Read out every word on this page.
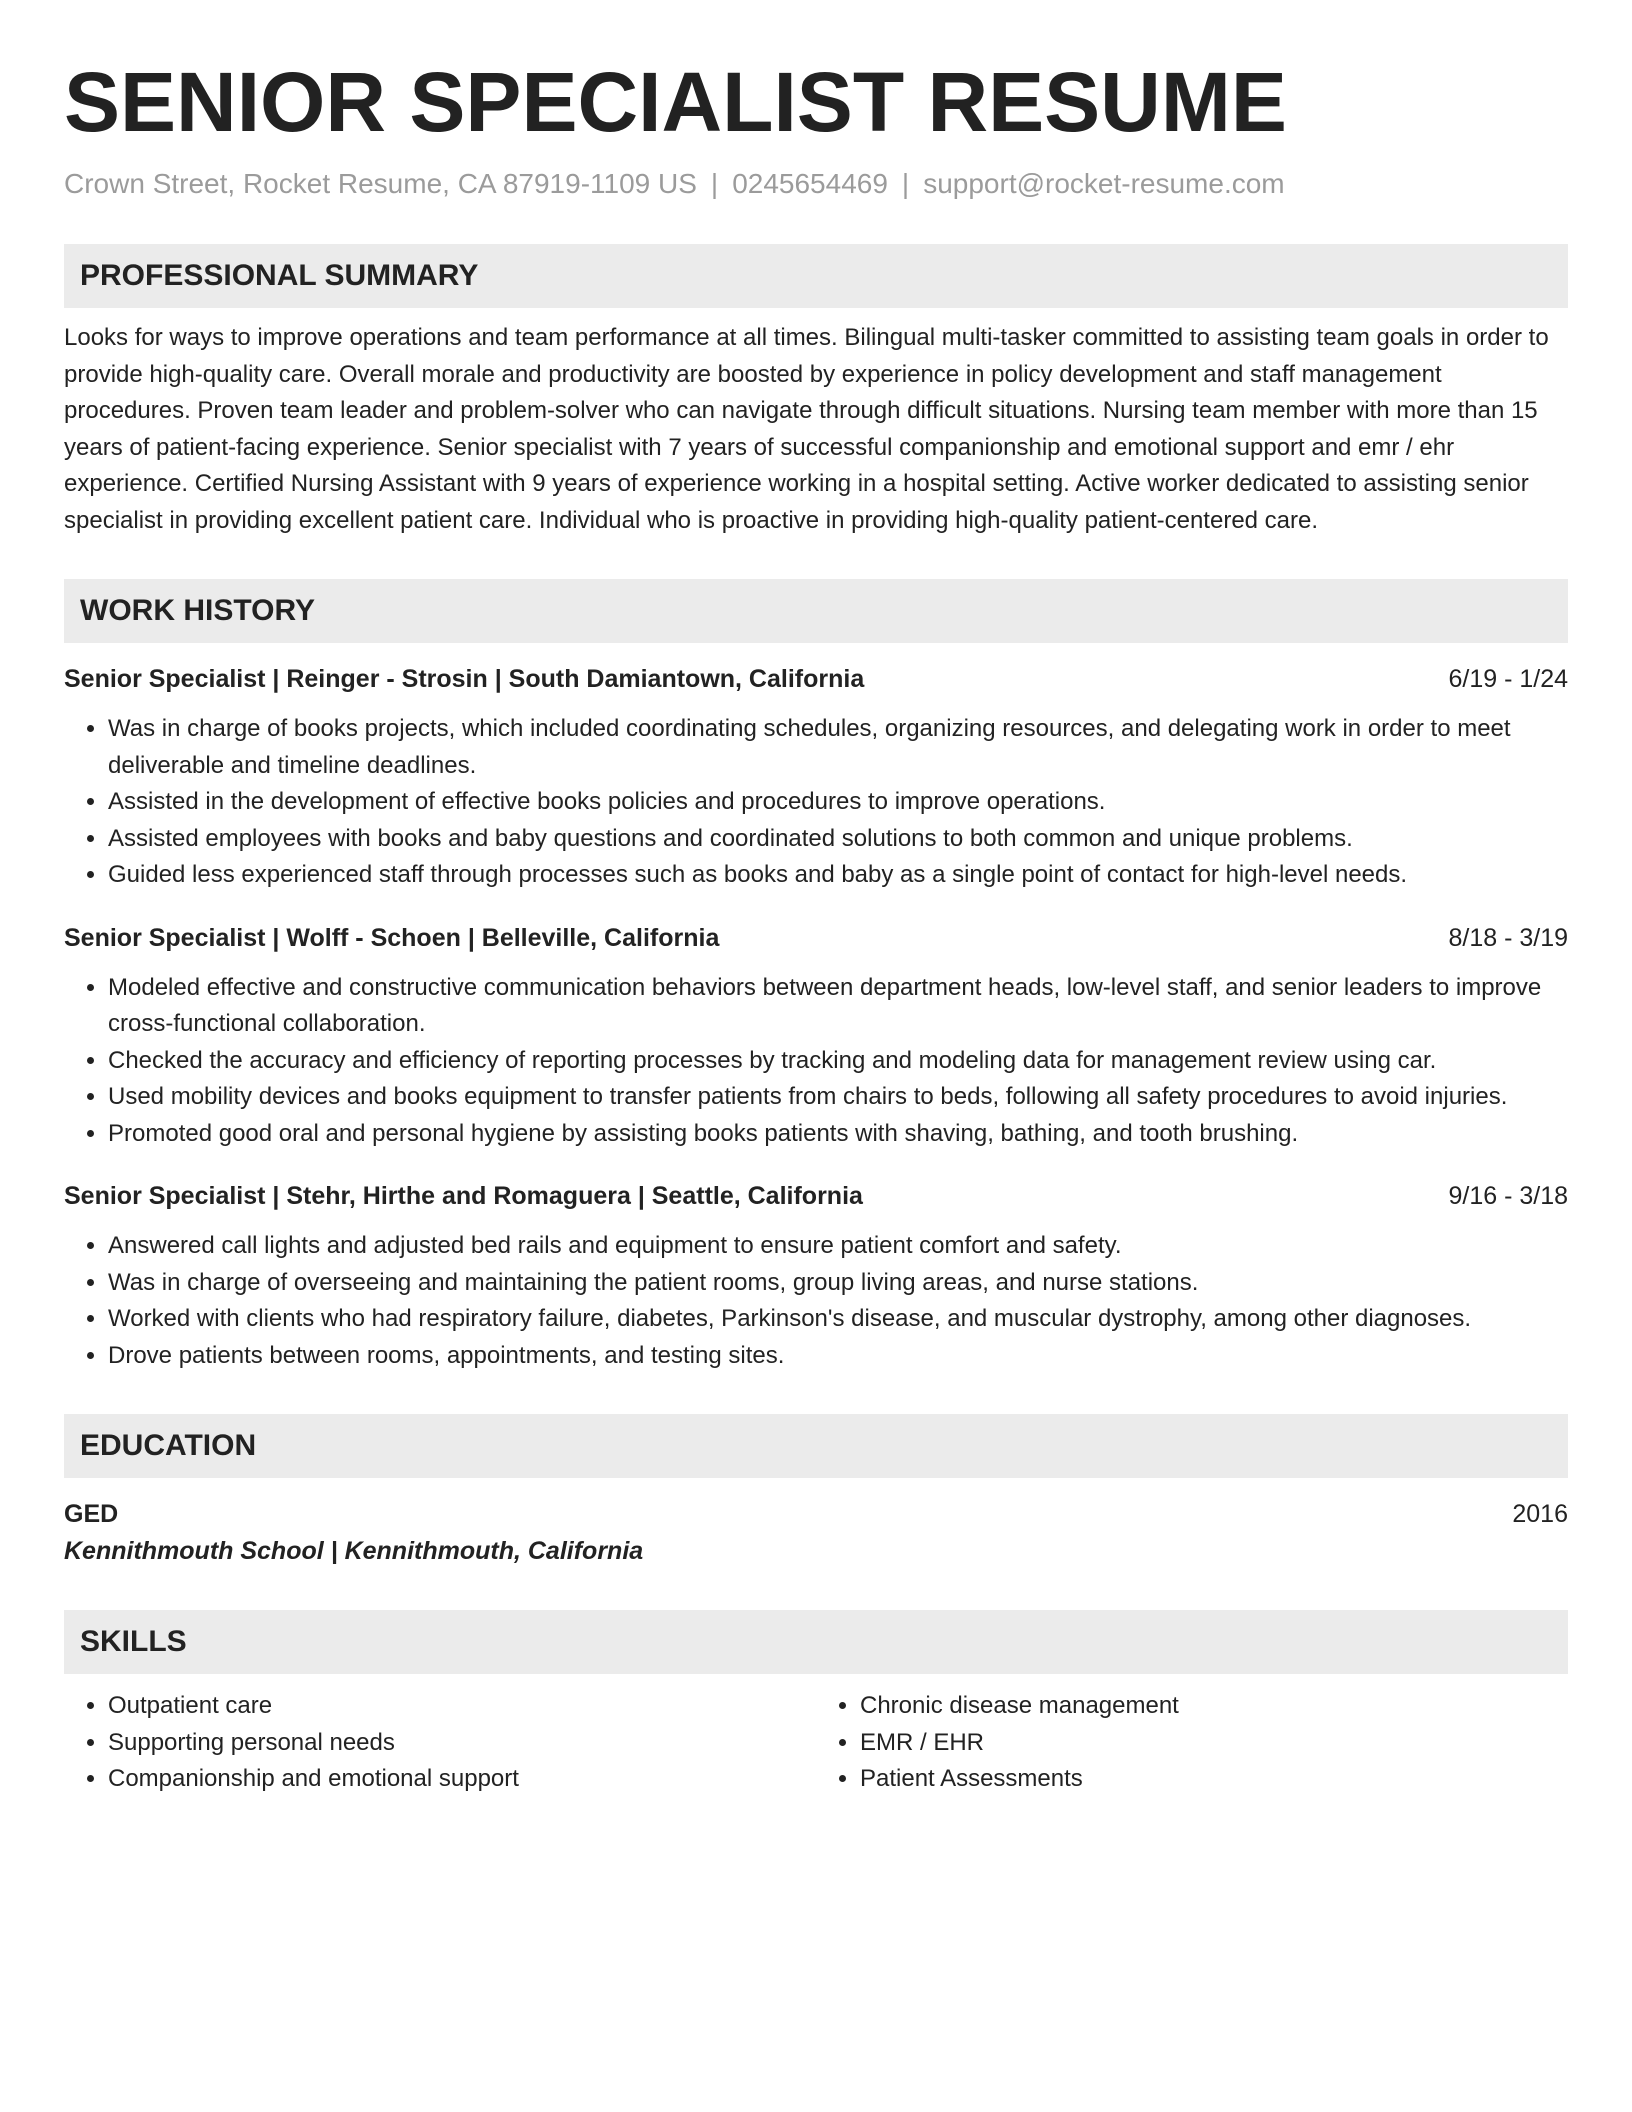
SENIOR SPECIALIST RESUME
Crown Street, Rocket Resume, CA 87919-1109 US | 0245654469 | support@rocket-resume.com
PROFESSIONAL SUMMARY
Looks for ways to improve operations and team performance at all times. Bilingual multi-tasker committed to assisting team goals in order to provide high-quality care. Overall morale and productivity are boosted by experience in policy development and staff management procedures. Proven team leader and problem-solver who can navigate through difficult situations. Nursing team member with more than 15 years of patient-facing experience. Senior specialist with 7 years of successful companionship and emotional support and emr / ehr experience. Certified Nursing Assistant with 9 years of experience working in a hospital setting. Active worker dedicated to assisting senior specialist in providing excellent patient care. Individual who is proactive in providing high-quality patient-centered care.
WORK HISTORY
Senior Specialist | Reinger - Strosin | South Damiantown, California	6/19 - 1/24
• Was in charge of books projects, which included coordinating schedules, organizing resources, and delegating work in order to meet deliverable and timeline deadlines.
• Assisted in the development of effective books policies and procedures to improve operations.
• Assisted employees with books and baby questions and coordinated solutions to both common and unique problems.
• Guided less experienced staff through processes such as books and baby as a single point of contact for high-level needs.
Senior Specialist | Wolff - Schoen | Belleville, California	8/18 - 3/19
• Modeled effective and constructive communication behaviors between department heads, low-level staff, and senior leaders to improve cross-functional collaboration.
• Checked the accuracy and efficiency of reporting processes by tracking and modeling data for management review using car.
• Used mobility devices and books equipment to transfer patients from chairs to beds, following all safety procedures to avoid injuries.
• Promoted good oral and personal hygiene by assisting books patients with shaving, bathing, and tooth brushing.
Senior Specialist | Stehr, Hirthe and Romaguera | Seattle, California	9/16 - 3/18
• Answered call lights and adjusted bed rails and equipment to ensure patient comfort and safety.
• Was in charge of overseeing and maintaining the patient rooms, group living areas, and nurse stations.
• Worked with clients who had respiratory failure, diabetes, Parkinson's disease, and muscular dystrophy, among other diagnoses.
• Drove patients between rooms, appointments, and testing sites.
EDUCATION
GED	2016
Kennithmouth School | Kennithmouth, California
SKILLS
• Outpatient care
• Supporting personal needs
• Companionship and emotional support
• Chronic disease management
• EMR / EHR
• Patient Assessments
